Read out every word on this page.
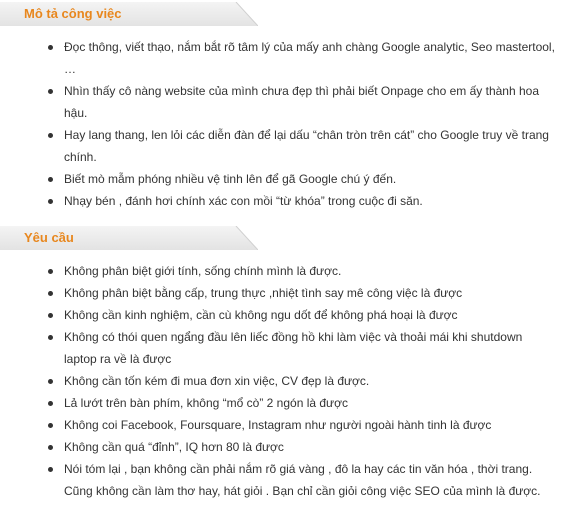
Mô tả công việc
Đọc thông, viết thạo, nắm bắt rõ tâm lý của mấy anh chàng Google analytic, Seo mastertool, …
Nhìn thấy cô nàng website của mình chưa đẹp thì phải biết Onpage cho em ấy thành hoa hậu.
Hay lang thang, len lỏi các diễn đàn để lại dấu “chân tròn trên cát” cho Google truy về trang chính.
Biết mò mẫm phóng nhiều vệ tinh lên để gã Google chú ý đến.
Nhạy bén , đánh hơi chính xác con mồi “từ khóa” trong cuộc đi săn.
Yêu cầu
Không phân biệt giới tính, sống chính mình là được.
Không phân biệt bằng cấp, trung thực ,nhiệt tình say mê công việc là được
Không cần kinh nghiệm, cần cù không ngu dốt để không phá hoại là được
Không có thói quen ngẩng đầu lên liếc đồng hồ khi làm việc và thoải mái khi shutdown laptop ra về là được
Không cần tốn kém đi mua đơn xin việc, CV đẹp là được.
Lả lướt trên bàn phím, không “mổ cò” 2 ngón là được
Không coi Facebook, Foursquare, Instagram như người ngoài hành tinh là được
Không cần quá “đỉnh”, IQ hơn 80 là được
Nói tóm lại , bạn không cần phải nắm rõ giá vàng , đô la hay các tin văn hóa , thời trang. Cũng không cần làm thơ hay, hát giỏi . Bạn chỉ cần giỏi công việc SEO của mình là được.
